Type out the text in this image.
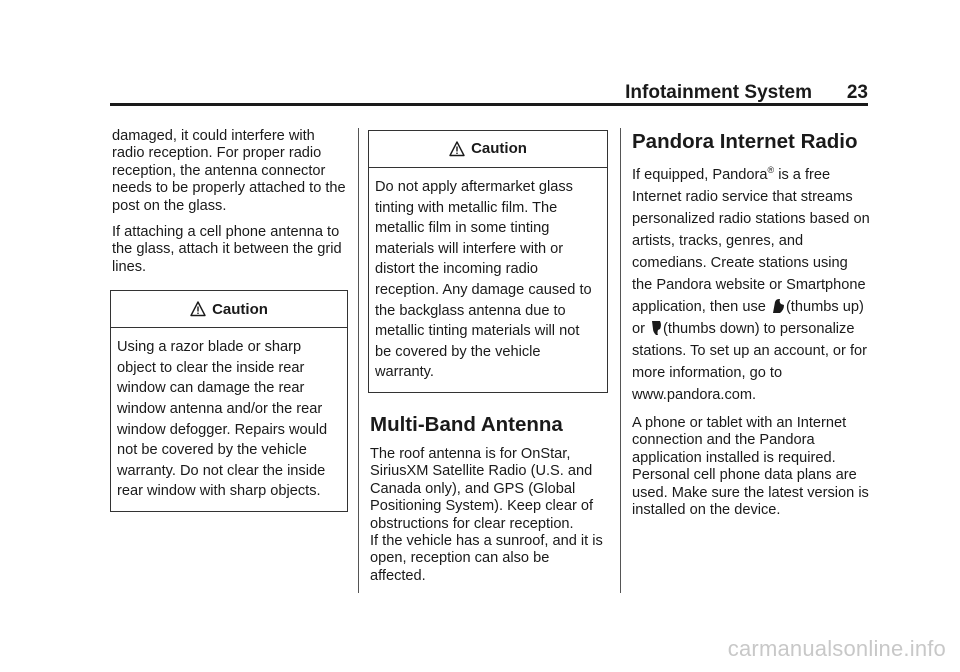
Infotainment System 23

damaged, it could interfere with radio reception. For proper radio reception, the antenna connector needs to be properly attached to the post on the glass.

If attaching a cell phone antenna to the glass, attach it between the grid lines.

Caution
Using a razor blade or sharp object to clear the inside rear window can damage the rear window antenna and/or the rear window defogger. Repairs would not be covered by the vehicle warranty. Do not clear the inside rear window with sharp objects.
Caution
Do not apply aftermarket glass tinting with metallic film. The metallic film in some tinting materials will interfere with or distort the incoming radio reception. Any damage caused to the backglass antenna due to metallic tinting materials will not be covered by the vehicle warranty.
Multi-Band Antenna

The roof antenna is for OnStar, SiriusXM Satellite Radio (U.S. and Canada only), and GPS (Global Positioning System). Keep clear of obstructions for clear reception.

If the vehicle has a sunroof, and it is open, reception can also be affected.

Pandora Internet Radio

If equipped, Pandora® is a free Internet radio service that streams personalized radio stations based on artists, tracks, genres, and comedians. Create stations using the Pandora website or Smartphone application, then use (thumbs up)
or (thumbs down) to personalize stations. To set up an account, or for more information, go to www.pandora.com.

A phone or tablet with an Internet connection and the Pandora application installed is required. Personal cell phone data plans are used. Make sure the latest version is installed on the device.

carmanualsonline.info
